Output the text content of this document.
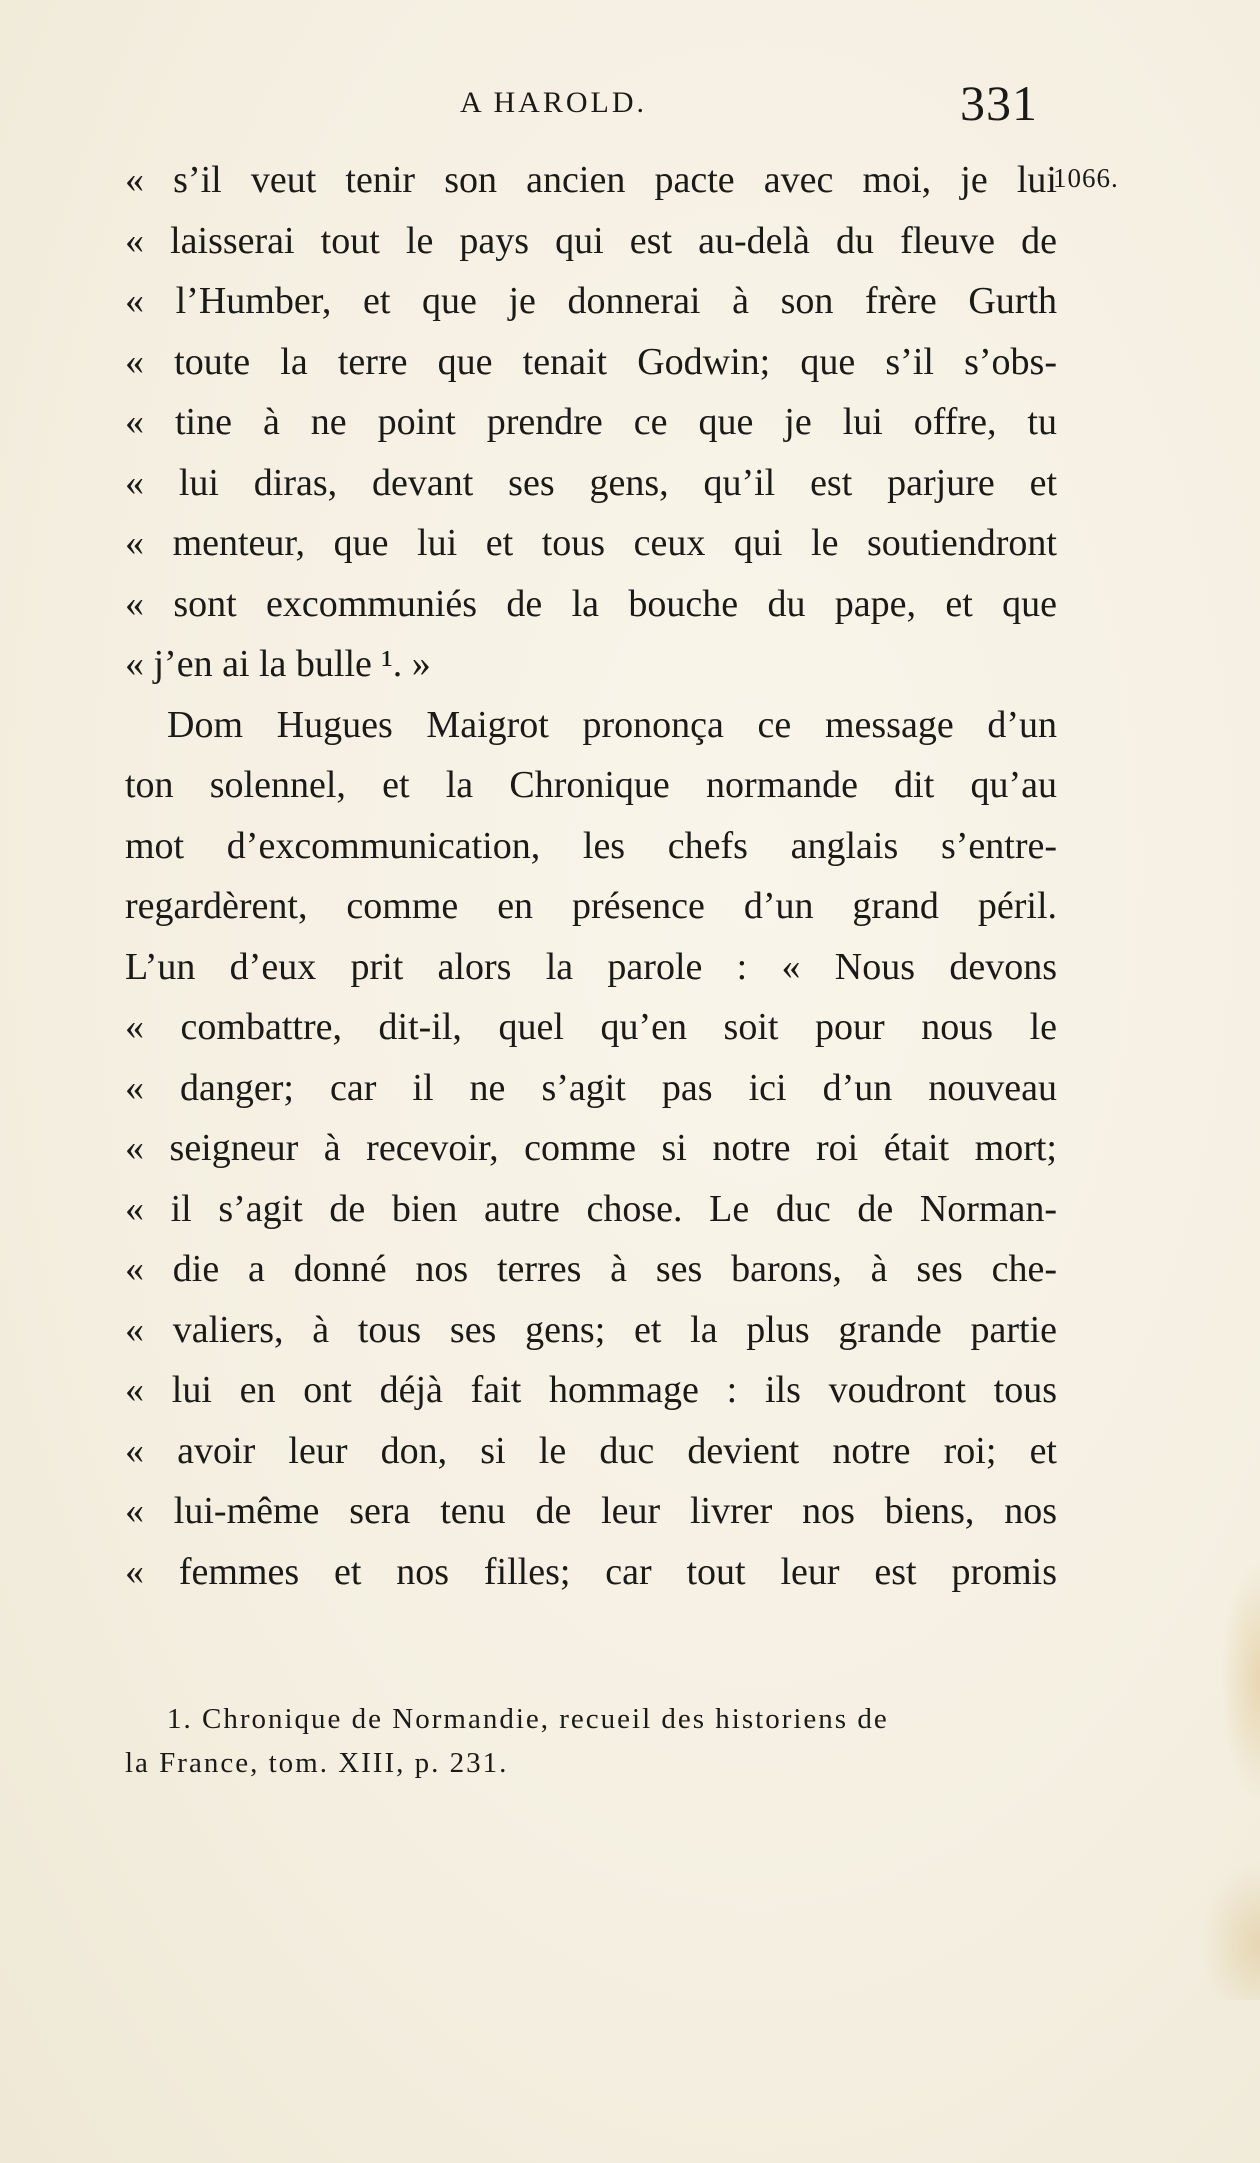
A HAROLD.	331
1066.
« s’il veut tenir son ancien pacte avec moi, je lui
« laisserai tout le pays qui est au-delà du fleuve de
« l’Humber, et que je donnerai à son frère Gurth
« toute la terre que tenait Godwin; que s’il s’obs-
« tine à ne point prendre ce que je lui offre, tu
« lui diras, devant ses gens, qu’il est parjure et
« menteur, que lui et tous ceux qui le soutiendront
« sont excommuniés de la bouche du pape, et que
« j’en ai la bulle ¹. »
Dom Hugues Maigrot prononça ce message d’un
ton solennel, et la Chronique normande dit qu’au
mot d’excommunication, les chefs anglais s’entre-
regardèrent, comme en présence d’un grand péril.
L’un d’eux prit alors la parole : « Nous devons
« combattre, dit-il, quel qu’en soit pour nous le
« danger; car il ne s’agit pas ici d’un nouveau
« seigneur à recevoir, comme si notre roi était mort;
« il s’agit de bien autre chose. Le duc de Norman-
« die a donné nos terres à ses barons, à ses che-
« valiers, à tous ses gens; et la plus grande partie
« lui en ont déjà fait hommage : ils voudront tous
« avoir leur don, si le duc devient notre roi; et
« lui-même sera tenu de leur livrer nos biens, nos
« femmes et nos filles; car tout leur est promis
1. Chronique de Normandie, recueil des historiens de
la France, tom. XIII, p. 231.
